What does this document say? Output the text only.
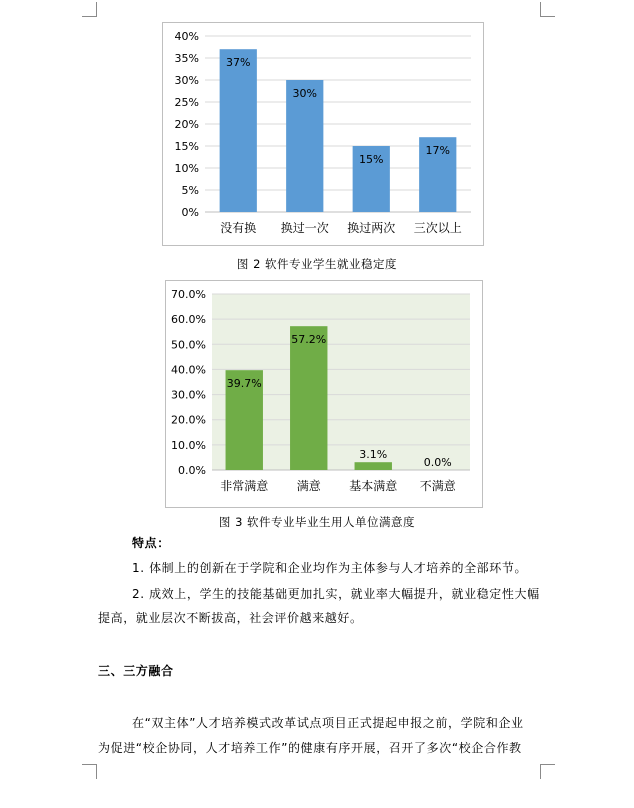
0%
5%
10%
15%
20%
25%
30%
35%
40%
37%
没有换
30%
换过一次
15%
换过两次
17%
三次以上
图 2 软件专业学生就业稳定度
0.0%
10.0%
20.0%
30.0%
40.0%
50.0%
60.0%
70.0%
39.7%
非常满意
57.2%
满意
3.1%
基本满意
0.0%
不满意
图 3 软件专业毕业生用人单位满意度
特点：
1. 体制上的创新在于学院和企业均作为主体参与人才培养的全部环节。
2. 成效上，学生的技能基础更加扎实，就业率大幅提升，就业稳定性大幅
提高，就业层次不断拔高，社会评价越来越好。
三、三方融合
在“双主体”人才培养模式改革试点项目正式提起申报之前，学院和企业
为促进“校企协同，人才培养工作”的健康有序开展，召开了多次“校企合作教
